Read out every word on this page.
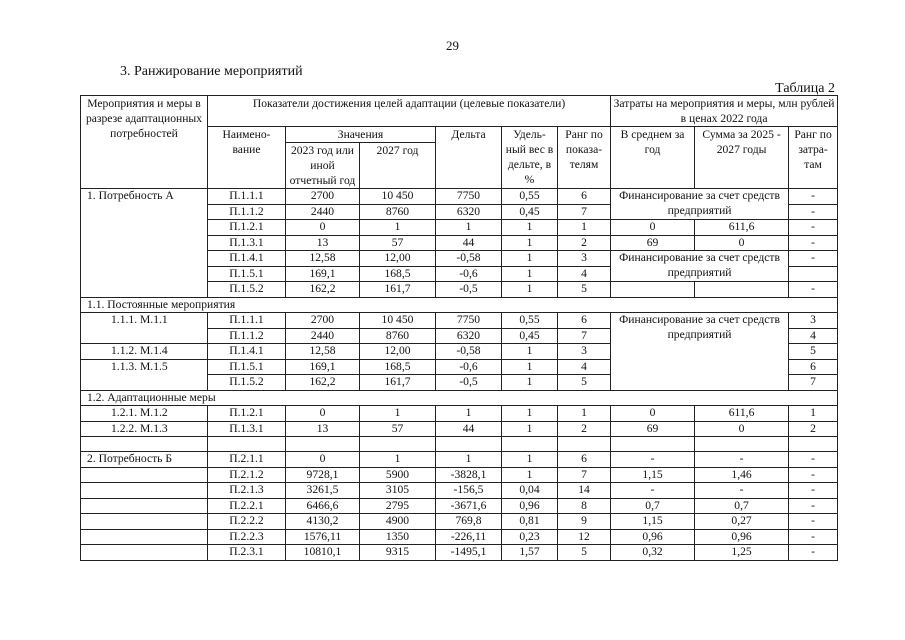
29
3. Ранжирование мероприятий
Таблица 2
Мероприятия и меры в разрезе адаптационных потребностей	Показатели достижения целей адаптации (целевые показатели)						Затраты на мероприятия и меры, млн рублей в ценах 2022 года		
	Наимено-вание	Значения		Дельта	Удель-ный вес в дельте, в %	Ранг по показа-телям	В среднем за год	Сумма за 2025 - 2027 годы	Ранг по затра-там
		2023 год или иной отчетный год	2027 год						
1. Потребность А	П.1.1.1	2700	10 450	7750	0,55	6	Финансирование за счет средств предприятий		-
	П.1.1.2	2440	8760	6320	0,45	7			-
	П.1.2.1	0	1	1	1	1	0	611,6	-
	П.1.3.1	13	57	44	1	2	69	0	-
	П.1.4.1	12,58	12,00	-0,58	1	3	Финансирование за счет средств предприятий		-
	П.1.5.1	169,1	168,5	-0,6	1	4			
	П.1.5.2	162,2	161,7	-0,5	1	5			-
1.1. Постоянные мероприятия									
1.1.1. М.1.1	П.1.1.1	2700	10 450	7750	0,55	6	Финансирование за счет средств предприятий		3
	П.1.1.2	2440	8760	6320	0,45	7			4
1.1.2. М.1.4	П.1.4.1	12,58	12,00	-0,58	1	3			5
1.1.3. М.1.5	П.1.5.1	169,1	168,5	-0,6	1	4			6
	П.1.5.2	162,2	161,7	-0,5	1	5			7
1.2. Адаптационные меры									
1.2.1. М.1.2	П.1.2.1	0	1	1	1	1	0	611,6	1
1.2.2. М.1.3	П.1.3.1	13	57	44	1	2	69	0	2

2. Потребность Б	П.2.1.1	0	1	1	1	6	-	-	-
	П.2.1.2	9728,1	5900	-3828,1	1	7	1,15	1,46	-
	П.2.1.3	3261,5	3105	-156,5	0,04	14	-	-	-
	П.2.2.1	6466,6	2795	-3671,6	0,96	8	0,7	0,7	-
	П.2.2.2	4130,2	4900	769,8	0,81	9	1,15	0,27	-
	П.2.2.3	1576,11	1350	-226,11	0,23	12	0,96	0,96	-
	П.2.3.1	10810,1	9315	-1495,1	1,57	5	0,32	1,25	-
